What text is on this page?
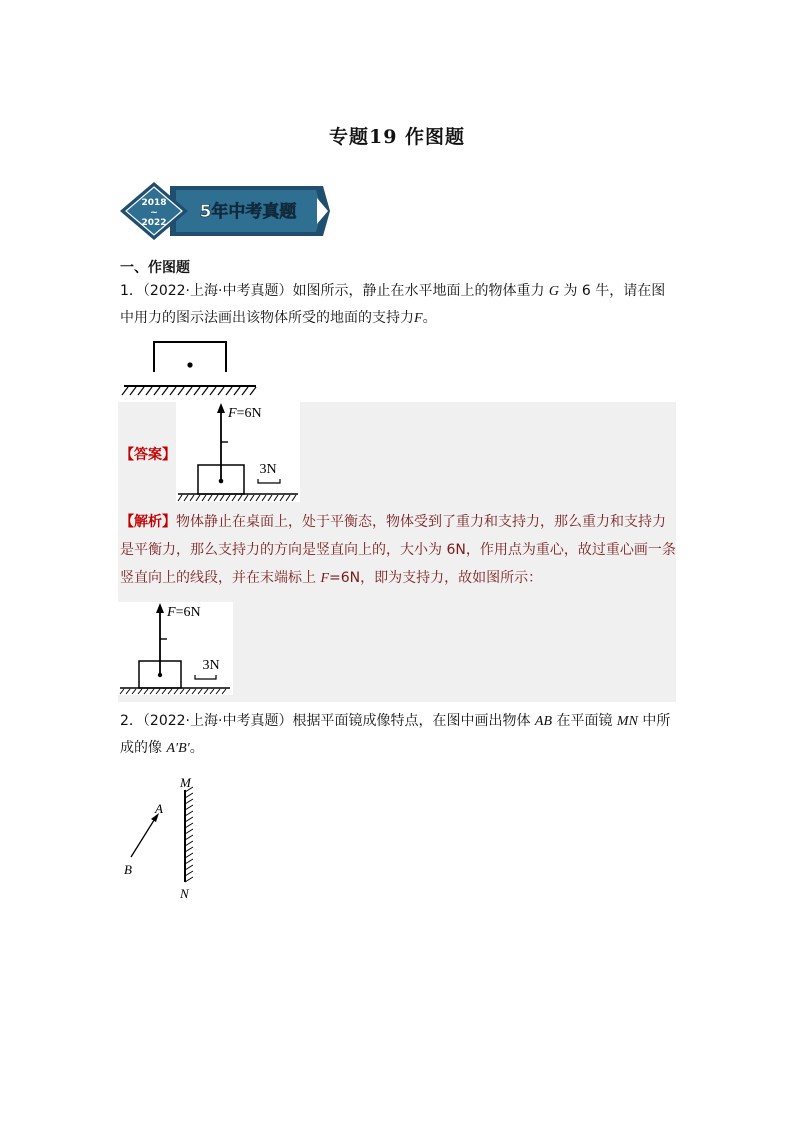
专题19 作图题
2018
~
2022
5年中考真题
一、作图题
1．（2022·上海·中考真题）如图所示，静止在水平地面上的物体重力 G 为 6 牛，请在图中用力的图示法画出该物体所受的地面的支持力F。
【答案】
F=6N
3N
【解析】物体静止在桌面上，处于平衡态，物体受到了重力和支持力，那么重力和支持力是平衡力，那么支持力的方向是竖直向上的，大小为 6N，作用点为重心，故过重心画一条竖直向上的线段，并在末端标上 F=6N，即为支持力，故如图所示：
F=6N
3N
2．（2022·上海·中考真题）根据平面镜成像特点，在图中画出物体 AB 在平面镜 MN 中所成的像 A′B′。
M
N
A
B
